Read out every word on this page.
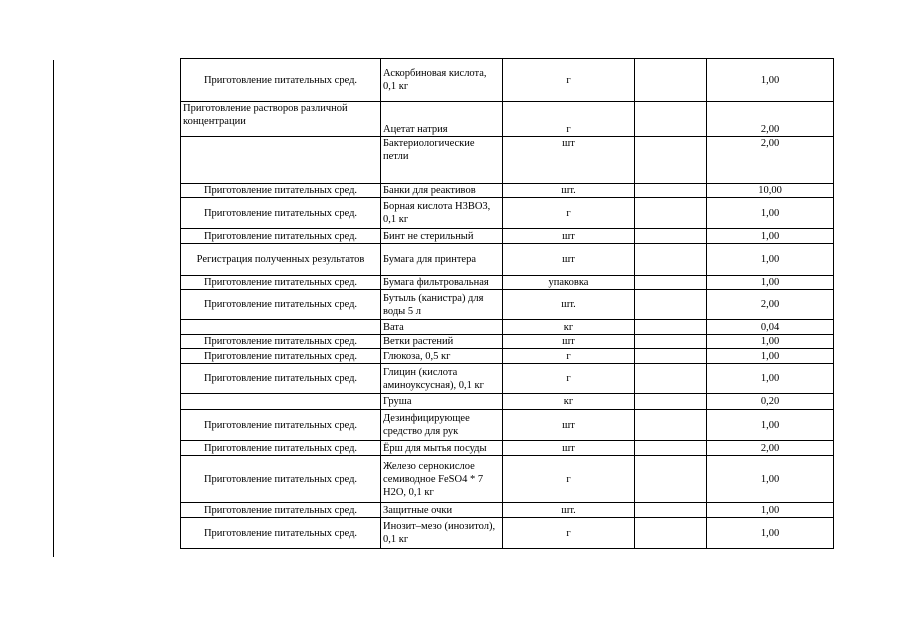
Приготовление питательных сред.	Аскорбиновая кислота, 0,1 кг	г		1,00
Приготовление растворов различной концентрации	Ацетат натрия	г		2,00
	Бактериологические петли	шт		2,00
Приготовление питательных сред.	Банки для реактивов	шт.		10,00
Приготовление питательных сред.	Борная кислота H3BO3, 0,1 кг	г		1,00
Приготовление питательных сред.	Бинт не стерильный	шт		1,00
Регистрация полученных результатов	Бумага для принтера	шт		1,00
Приготовление питательных сред.	Бумага фильтровальная	упаковка		1,00
Приготовление питательных сред.	Бутыль (канистра) для воды 5 л	шт.		2,00
	Вата	кг		0,04
Приготовление питательных сред.	Ветки растений	шт		1,00
Приготовление питательных сред.	Глюкоза, 0,5 кг	г		1,00
Приготовление питательных сред.	Глицин (кислота аминоуксусная), 0,1 кг	г		1,00
	Груша	кг		0,20
Приготовление питательных сред.	Дезинфицирующее средство для рук	шт		1,00
Приготовление питательных сред.	Ёрш для мытья посуды	шт		2,00
Приготовление питательных сред.	Железо сернокислое семиводное FeSO4 * 7 H2O, 0,1 кг	г		1,00
Приготовление питательных сред.	Защитные очки	шт.		1,00
Приготовление питательных сред.	Инозит–мезо (инозитол), 0,1 кг	г		1,00
